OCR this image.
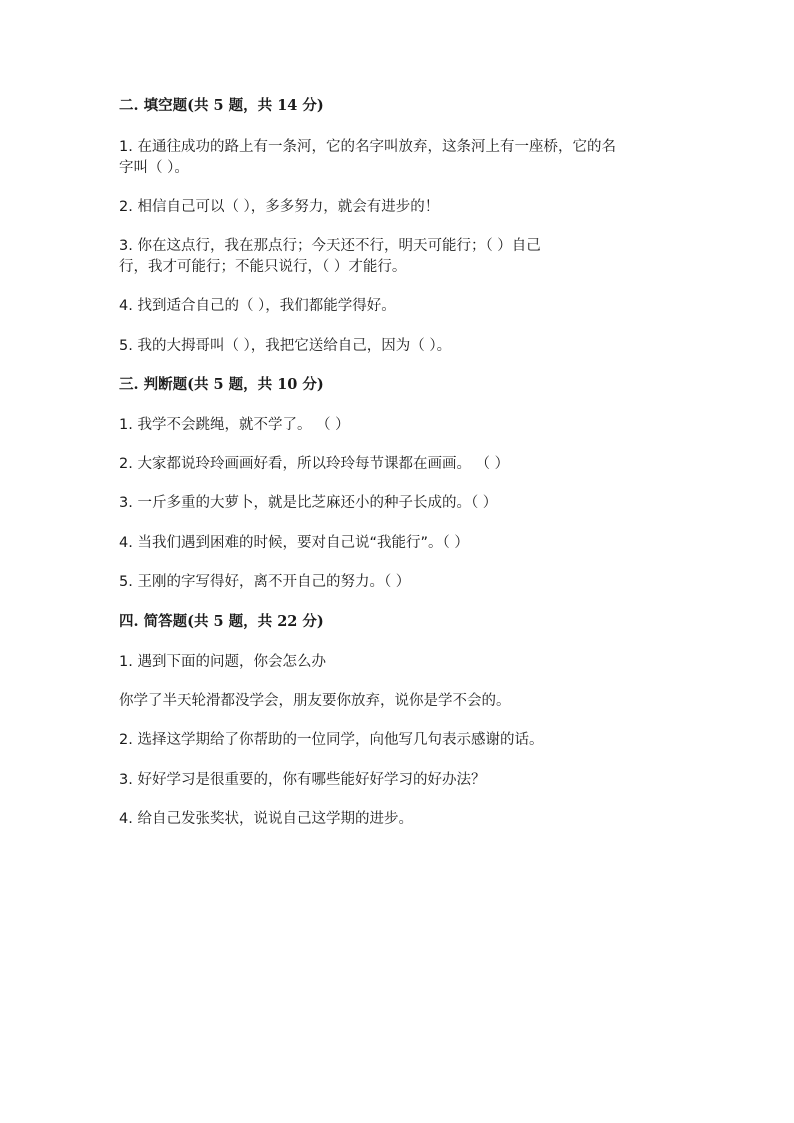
二. 填空题(共 5 题，共 14 分)
1. 在通往成功的路上有一条河，它的名字叫放弃，这条河上有一座桥，它的名
字叫（ ）。
2. 相信自己可以（ ），多多努力，就会有进步的！
3. 你在这点行，我在那点行；今天还不行，明天可能行；（ ）自己
行，我才可能行；不能只说行，（ ）才能行。
4. 找到适合自己的（ ），我们都能学得好。
5. 我的大拇哥叫（ ），我把它送给自己，因为（ ）。
三. 判断题(共 5 题，共 10 分)
1. 我学不会跳绳，就不学了。 （ ）
2. 大家都说玲玲画画好看，所以玲玲每节课都在画画。 （ ）
3. 一斤多重的大萝卜，就是比芝麻还小的种子长成的。（ ）
4. 当我们遇到困难的时候，要对自己说“我能行”。（ ）
5. 王刚的字写得好，离不开自己的努力。（ ）
四. 简答题(共 5 题，共 22 分)
1. 遇到下面的问题，你会怎么办
你学了半天轮滑都没学会，朋友要你放弃，说你是学不会的。
2. 选择这学期给了你帮助的一位同学，向他写几句表示感谢的话。
3. 好好学习是很重要的，你有哪些能好好学习的好办法？
4. 给自己发张奖状，说说自己这学期的进步。
